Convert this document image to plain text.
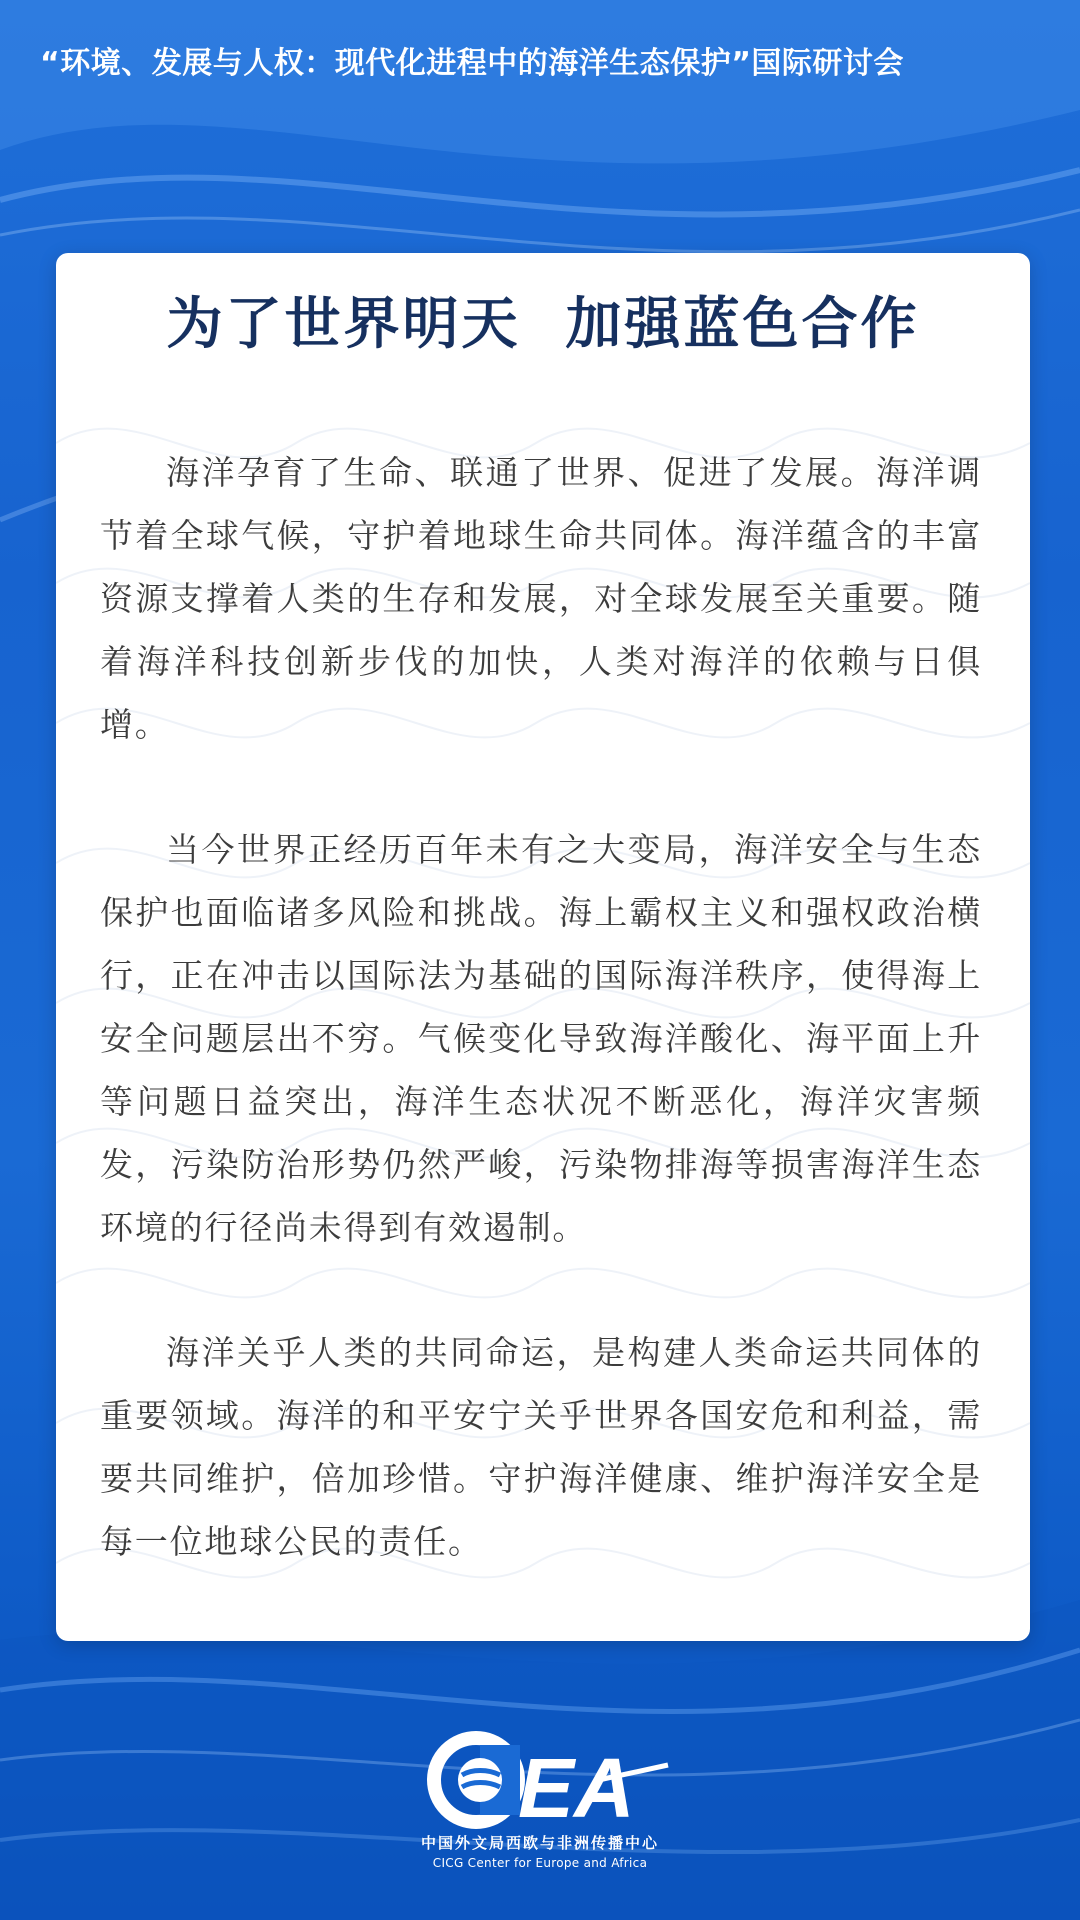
“环境、发展与人权：现代化进程中的海洋生态保护”国际研讨会
为了世界明天  加强蓝色合作

海洋孕育了生命、联通了世界、促进了发展。海洋调节着全球气候，守护着地球生命共同体。海洋蕴含的丰富资源支撑着人类的生存和发展，对全球发展至关重要。随着海洋科技创新步伐的加快，人类对海洋的依赖与日俱增。

当今世界正经历百年未有之大变局，海洋安全与生态保护也面临诸多风险和挑战。海上霸权主义和强权政治横行，正在冲击以国际法为基础的国际海洋秩序，使得海上安全问题层出不穷。气候变化导致海洋酸化、海平面上升等问题日益突出，海洋生态状况不断恶化，海洋灾害频发，污染防治形势仍然严峻，污染物排海等损害海洋生态环境的行径尚未得到有效遏制。

海洋关乎人类的共同命运，是构建人类命运共同体的重要领域。海洋的和平安宁关乎世界各国安危和利益，需要共同维护，倍加珍惜。守护海洋健康、维护海洋安全是每一位地球公民的责任。

EA
中国外文局西欧与非洲传播中心
CICG Center for Europe and Africa
